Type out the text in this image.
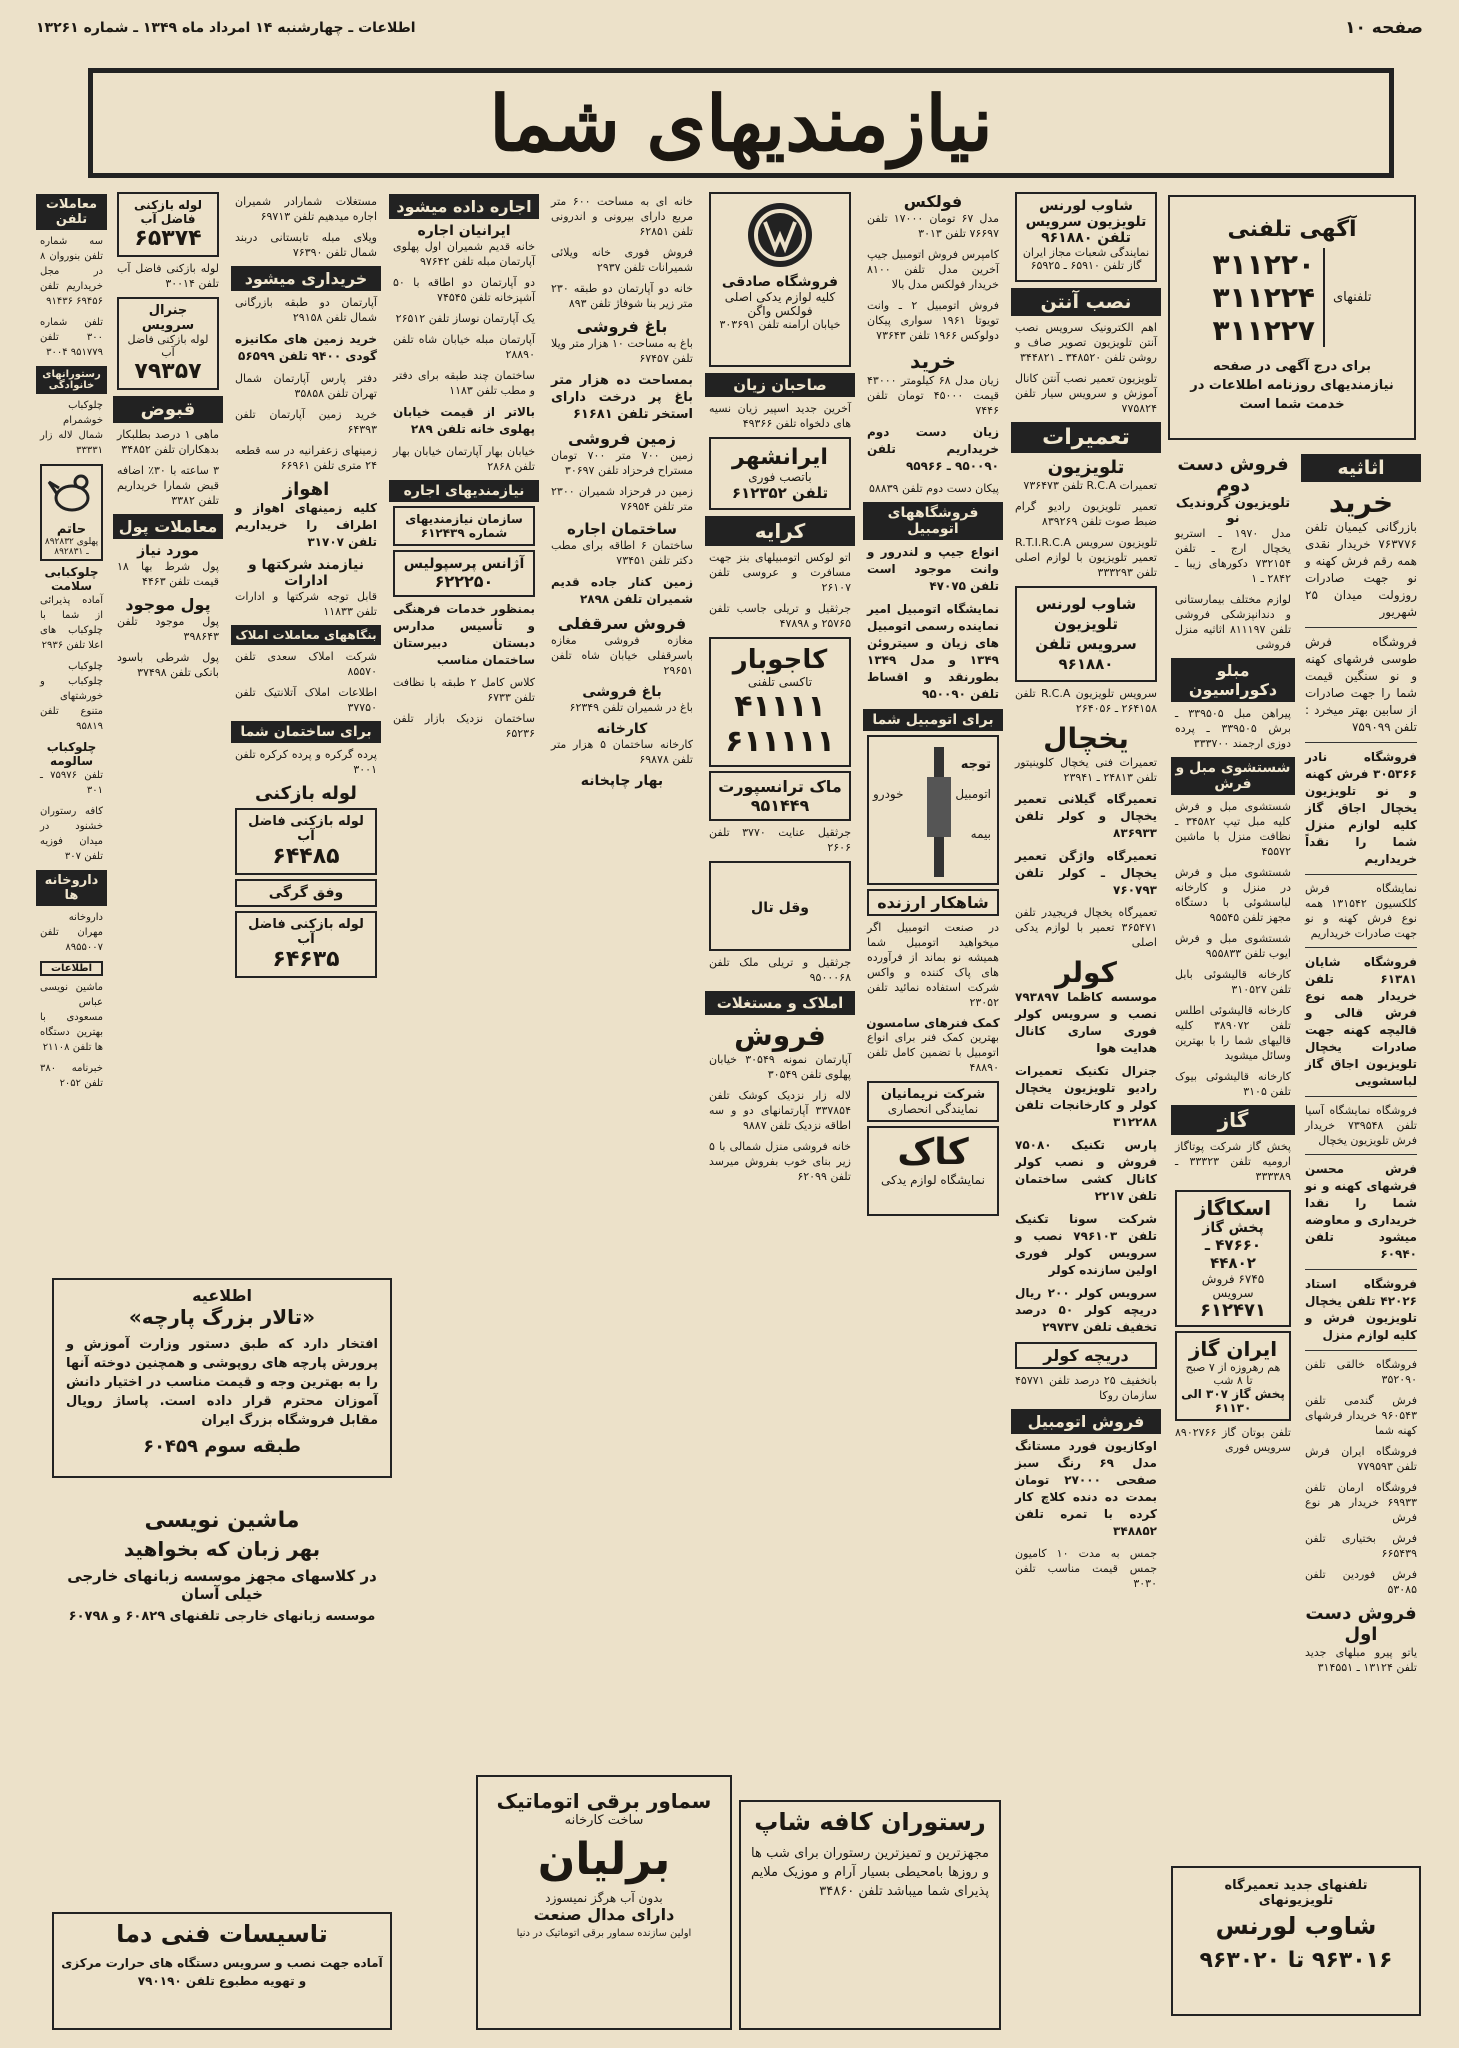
صفحه ۱۰
اطلاعات ـ چهارشنبه ۱۴ امرداد ماه ۱۳۴۹ ـ شماره ۱۳۲۶۱
نیازمندیهای شما
آگهی تلفنی
تلفنهای
۳۱۱۲۲۰
۳۱۱۲۲۴
۳۱۱۲۲۷
برای درج آگهی در صفحه نیازمندیهای روزنامه اطلاعات در خدمت شما است
اثاثیه
خرید
بازرگانی کیمیان تلفن ۷۶۳۷۷۶ خریدار نقدی همه رقم فرش کهنه و نو جهت صادرات روزولت میدان ۲۵ شهریور
فروشگاه فرش طوسی فرشهای کهنه و نو سنگین قیمت شما را جهت صادرات از سابین بهتر میخرد : تلفن ۷۵۹۰۹۹
فروشگاه نادر ۳۰۵۳۶۶ فرش کهنه و نو تلویزیون یخچال اجاق گاز کلیه لوازم منزل شما را نقداً خریداریم
نمایشگاه فرش کلکسیون ۱۳۱۵۴۲ همه نوع فرش کهنه و نو جهت صادرات خریداریم
فروشگاه شایان ۶۱۳۸۱ تلفن خریدار همه نوع فرش قالی و قالیچه کهنه جهت صادرات یخچال تلویزیون اجاق گاز لباسشویی
فروشگاه نمایشگاه آسیا تلفن ۷۳۹۵۴۸ خریدار فرش تلویزیون یخچال
فرش محسن فرشهای کهنه و نو شما را نقدا خریداری و معاوضه میشود تلفن ۶۰۹۴۰
فروشگاه استاد ۴۲۰۲۶ تلفن یخچال تلویزیون فرش و کلیه لوازم منزل
فروشگاه خالقی تلفن ۳۵۲۰۹۰
فرش گندمی تلفن ۹۶۰۵۴۳ خریدار فرشهای کهنه شما
فروشگاه ایران فرش تلفن ۷۷۹۵۹۳
فروشگاه ارمان تلفن ۶۹۹۳۳ خریدار هر نوع فرش
فرش بختیاری تلفن ۶۶۵۴۳۹
فرش فوردین تلفن ۵۳۰۸۵
فروش دست اول
یاتو پیرو مبلهای جدید تلفن ۱۳۱۲۴ ـ ۳۱۴۵۵۱
فروش دست دوم
تلویزیون گروندیک نو
مدل ۱۹۷۰ ـ استریو یخچال ارج ـ تلفن ۷۳۲۱۵۴ دکورهای زیبا ـ ۲۸۴۲ ـ ۱
لوازم مختلف بیمارستانی و دندانپزشکی فروشی تلفن ۸۱۱۱۹۷ اثاثیه منزل فروشی
مبلو دکوراسیون
پیراهن مبل ۳۳۹۵۰۵ ـ برش ۳۳۹۵۰۵ ـ پرده دوزی ارجمند ۳۳۳۷۰۰
شستشوی مبل و فرش
شستشوی مبل و فرش کلیه مبل تیپ ۳۴۵۸۲ ـ نظافت منزل با ماشین ۴۵۵۷۲
شستشوی مبل و فرش در منزل و کارخانه لباسشوئی با دستگاه مجهز تلفن ۹۵۵۴۵
شستشوی مبل و فرش ایوب تلفن ۹۵۵۸۳۳
کارخانه قالیشوئی بابل تلفن ۳۱۰۵۲۷
کارخانه قالیشوئی اطلس تلفن ۳۸۹۰۷۲ کلیه قالیهای شما را با بهترین وسائل میشوید
کارخانه قالیشوئی بیوک تلفن ۳۱۰۵
گاز
پخش گاز شرکت پوتاگاز ارومیه تلفن ۳۳۳۲۳ ـ ۳۳۳۳۸۹
اسکاگاز
پخش گاز
۴۷۶۶۰ ـ ۴۴۸۰۲
۶۷۴۵ فروش سرویس
۶۱۲۴۷۱
ایران گاز
هم رهروزه از ۷ صبح تا ۸ شب
پخش گاز ۳۰۷ الی ۶۱۱۳۰
تلفن بوتان گاز ۸۹۰۲۷۶۶ سرویس فوری
تلفنهای جدید تعمیرگاه
تلویزیونهای
شاوب لورنس
۹۶۳۰۱۶ تا ۹۶۳۰۲۰
شاوب لورنس تلویزیون سرویس تلفن ۹۶۱۸۸۰
نمایندگی شعبات مجاز ایران گاز تلفن ۶۵۹۱۰ ـ ۶۵۹۲۵
نصب آنتن
اهم الکترونیک سرویس نصب آنتن تلویزیون تصویر صاف و روشن تلفن ۳۴۸۵۲۰ ـ ۳۴۴۸۲۱
تلویزیون تعمیر نصب آنتن کانال آموزش و سرویس سیار تلفن ۷۷۵۸۲۴
تعمیرات
تلویزیون
تعمیرات R.C.A تلفن ۷۳۶۴۷۳
تعمیر تلویزیون رادیو گرام ضبط صوت تلفن ۸۳۹۲۶۹
تلویزیون سرویس R.T.I.R.C.A تعمیر تلویزیون با لوازم اصلی تلفن ۳۳۳۲۹۳
شاوب لورنس تلویزیون سرویس تلفن ۹۶۱۸۸۰
سرویس تلویزیون R.C.A تلفن ۲۶۴۱۵۸ ـ ۲۶۴۰۵۶
یخچال
تعمیرات فنی یخچال کلوینیتور تلفن ۲۴۸۱۳ ـ ۲۳۹۴۱
تعمیرگاه گیلانی تعمیر یخچال و کولر تلفن ۸۳۶۹۳۳
تعمیرگاه واژگن تعمیر یخچال ـ کولر تلفن ۷۶۰۷۹۳
تعمیرگاه یخچال فریجیدر تلفن ۳۶۵۴۷۱ تعمیر با لوازم یدکی اصلی
کولر
موسسه کاظما ۷۹۳۸۹۷ نصب و سرویس کولر فوری ساری کانال هدایت هوا
جنرال تکنیک تعمیرات رادیو تلویزیون یخچال کولر و کارخانجات تلفن ۳۱۲۲۸۸
پارس تکنیک ۷۵۰۸۰ فروش و نصب کولر کانال کشی ساختمان تلفن ۲۲۱۷
شرکت سونا تکنیک تلفن ۷۹۶۱۰۳ نصب و سرویس کولر فوری اولین سازنده کولر
سرویس کولر ۲۰۰ ریال دریچه کولر ۵۰ درصد تخفیف تلفن ۲۹۷۳۷
دریچه کولر
بانخفیف ۲۵ درصد تلفن ۴۵۷۷۱ سازمان روکا
فروش اتومبیل
اوکازیون فورد مستانگ مدل ۶۹ رنگ سبز صفحی ۲۷۰۰۰ تومان بمدت ده دنده کلاچ کار کرده با تمره تلفن ۳۴۸۸۵۲
جمس به مدت ۱۰ کامیون جمس قیمت مناسب تلفن ۳۰۳۰
فولکس
مدل ۶۷ تومان ۱۷۰۰۰ تلفن ۷۶۶۹۷ تلفن ۳۰۱۳
کامپرس فروش اتومبیل جیپ آخرین مدل تلفن ۸۱۰۰ خریدار فولکس مدل بالا
فروش اتومبیل ۲ ـ وانت تویوتا ۱۹۶۱ سواری پیکان دولوکس ۱۹۶۶ تلفن ۷۳۶۴۳
خرید
زیان مدل ۶۸ کیلومتر ۴۳۰۰۰ قیمت ۴۵۰۰۰ تومان تلفن ۷۴۴۶
زیان دست دوم خریداریم تلفن ۹۵۰۰۹۰ ـ ۹۵۹۶۶
پیکان دست دوم تلفن ۵۸۸۳۹
فروشگاههای اتومبیل
انواع جیپ و لندرور و وانت موجود است تلفن ۴۷۰۷۵
نمایشگاه اتومبیل امیر نماینده رسمی اتومبیل های زیان و سیتروئن ۱۳۴۹ و مدل ۱۳۴۹ بطورنقد و اقساط تلفن ۹۵۰۰۹۰
برای اتومبیل شما
توجه
اتومبیل
بیمه
خودرو
شاهکار ارزنده
در صنعت اتومبیل اگر میخواهید اتومبیل شما همیشه نو بماند از فرآورده های پاک کننده و واکس شرکت استفاده نمائید تلفن ۲۳۰۵۲
کمک فنرهای سامسون
بهترین کمک فنر برای انواع اتومبیل با تضمین کامل تلفن ۴۸۸۹۰
شرکت نریمانیان
نمایندگی انحصاری
کاک
نمایشگاه لوازم یدکی
رستوران کافه شاپ
مجهزترین و تمیزترین رستوران برای شب ها و روزها بامحیطی بسیار آرام و موزیک ملایم پذیرای شما میباشد تلفن ۳۴۸۶۰
فروشگاه صادقی
کلیه لوازم یدکی اصلی فولکس واگن
خیابان ارامنه تلفن ۳۰۳۶۹۱
صاحبان زیان
آخرین جدید اسپیر زیان نسیه های دلخواه تلفن ۴۹۳۶۶
ایرانشهر
باتصب فوری
تلفن ۶۱۲۳۵۲
کرایه
اتو لوکس اتومبیلهای بنز جهت مسافرت و عروسی تلفن ۲۶۱۰۷
جرثقیل و تریلی جاسب تلفن ۲۵۷۶۵ و ۴۷۸۹۸
کاجوبار
تاکسی تلفنی
۴۱۱۱۱
۶۱۱۱۱۱
ماک ترانسپورت
۹۵۱۴۴۹
جرثقیل عنایت ۳۷۷۰ تلفن ۲۶۰۶
وقل تال
جرثقیل و تریلی ملک تلفن ۹۵۰۰۰۶۸
املاک و مستغلات
فروش
آپارتمان نمونه ۳۰۵۴۹ خیابان پهلوی تلفن ۳۰۵۴۹
لاله زار نزدیک کوشک تلفن ۳۳۷۸۵۴ آپارتمانهای دو و سه اطاقه نزدیک تلفن ۹۸۸۷
خانه فروشی منزل شمالی با ۵ زیر بنای خوب بفروش میرسد تلفن ۶۲۰۹۹
خانه ای به مساحت ۶۰۰ متر مربع دارای بیرونی و اندرونی تلفن ۶۲۸۵۱
فروش فوری خانه ویلائی شمیرانات تلفن ۲۹۳۷
خانه دو آپارتمان دو طبقه ۲۳۰ متر زیر بنا شوفاژ تلفن ۸۹۳
باغ فروشی
باغ به مساحت ۱۰ هزار متر ویلا تلفن ۶۷۴۵۷
بمساحت ده هزار متر باغ پر درخت دارای استخر تلفن ۶۱۶۸۱
زمین فروشی
زمین ۷۰۰ متر ۷۰۰ تومان مستراح فرحزاد تلفن ۳۰۶۹۷
زمین در فرحزاد شمیران ۲۳۰۰ متر تلفن ۷۶۹۵۴
ساختمان اجاره
ساختمان ۶ اطاقه برای مطب دکتر تلفن ۷۳۴۵۱
زمین کنار جاده قدیم شمیران تلفن ۲۸۹۸
فروش سرقفلی
مغازه فروشی مغازه باسرقفلی خیابان شاه تلفن ۲۹۶۵۱
باغ فروشی
باغ در شمیران تلفن ۶۲۳۴۹
کارخانه
کارخانه ساختمان ۵ هزار متر تلفن ۶۹۸۷۸
بهار چاپخانه
سماور برقی اتوماتیک
ساخت کارخانه
برلیان
بدون آب هرگز نمیسوزد
دارای مدال صنعت
اولین سازنده سماور برقی اتوماتیک در دنیا
اجاره داده میشود
ایرانیان اجاره
خانه قدیم شمیران اول پهلوی آپارتمان مبله تلفن ۹۷۶۴۲
دو آپارتمان دو اطاقه با ۵۰ آشپزخانه تلفن ۷۴۵۴۵
یک آپارتمان نوساز تلفن ۲۶۵۱۲
آپارتمان مبله خیابان شاه تلفن ۲۸۸۹۰
ساختمان چند طبقه برای دفتر و مطب تلفن ۱۱۸۳
بالاتر از قیمت خیابان پهلوی خانه تلفن ۲۸۹
خیابان بهار آپارتمان خیابان بهار تلفن ۲۸۶۸
نیازمندیهای اجاره
سازمان نیازمندیهای شماره ۶۱۲۴۳۹
آژانس پرسپولیس
۶۲۲۲۵۰
بمنظور خدمات فرهنگی و تأسیس مدارس دبستان دبیرستان ساختمان مناسب
کلاس کامل ۲ طبقه با نظافت تلفن ۶۷۳۳
ساختمان نزدیک بازار تلفن ۶۵۲۳۶
مستغلات شمارادر شمیران اجاره میدهیم تلفن ۶۹۷۱۳
ویلای مبله تابستانی دربند شمال تلفن ۷۶۳۹۰
خریداری میشود
آپارتمان دو طبقه بازرگانی شمال تلفن ۲۹۱۵۸
خرید زمین های مکانیزه گودی ۹۴۰۰ تلفن ۵۶۵۹۹
دفتر پارس آپارتمان شمال تهران تلفن ۳۵۸۵۸
خرید زمین آپارتمان تلفن ۶۴۳۹۳
زمینهای زعفرانیه در سه قطعه ۲۴ متری تلفن ۶۶۹۶۱
اهواز
کلیه زمینهای اهواز و اطراف را خریداریم تلفن ۳۱۷۰۷
نیازمند شرکتها و ادارات
قابل توجه شرکتها و ادارات تلفن ۱۱۸۳۳
بنگاههای معاملات املاک
شرکت املاک سعدی تلفن ۸۵۵۷۰
اطلاعات املاک آتلانتیک تلفن ۳۷۷۵۰
برای ساختمان شما
پرده گرکره و پرده کرکره تلفن ۳۰۰۱
لوله بازکنی
لوله بازکنی فاضل آب
۶۴۴۸۵
وفق گرگی
لوله بازکنی فاضل آب
۶۴۶۳۵
لوله بازکنی فاضل آب
۶۵۳۷۴
لوله بازکنی فاضل آب تلفن ۳۰۰۱۴
جنرال سرویس
لوله بازکنی فاضل آب
۷۹۳۵۷
قبوض
ماهی ۱ درصد بطلبکار بدهکاران تلفن ۳۴۸۵۲
۳ ساعته با ۳۰٪ اضافه قبض شمارا خریداریم تلفن ۳۳۸۲
معاملات پول
مورد نیاز
پول شرط بها ۱۸ قیمت تلفن ۴۴۶۳
پول موجود
پول موجود تلفن ۳۹۸۶۴۳
پول شرطی باسود بانکی تلفن ۳۷۴۹۸
معاملات تلفن
سه شماره تلفن بنوروان ۸ در مجل خریداریم تلفن ۶۹۴۵۶ ۹۱۴۳۶
تلفن شماره ۳۰۰ تلفن ۹۵۱۷۷۹ ۳۰۰۴
رستورانهای خانوادگی
چلوکباب خوشمرام شمال لاله زار ۳۳۳۳۱
حاتم
پهلوی ۸۹۲۸۳۲ ـ ۸۹۲۸۳۱
چلوکبابی سلامت
آماده پذیرائی از شما با چلوکباب های اعلا تلفن ۲۹۳۶
چلوکباب چلوکباب و خورشتهای متنوع تلفن ۹۵۸۱۹
چلوکباب سالومه
تلفن ۷۵۹۷۶ ـ ۳۰۱
کافه رستوران خشنود در میدان فوزیه تلفن ۳۰۷
داروخانه ها
داروخانه مهران تلفن ۸۹۵۵۰۰۷
اطلاعات
ماشین نویسی عباس مسعودی با بهترین دستگاه ها تلفن ۲۱۱۰۸
خبرنامه ۳۸۰ تلفن ۲۰۵۲
اطلاعیه
«تالار بزرگ پارچه»
افتخار دارد که طبق دستور وزارت آموزش و پرورش پارچه های روپوشی و همچنین دوخته آنها را به بهترین وجه و قیمت مناسب در اختیار دانش آموزان محترم قرار داده است. پاساژ رویال مقابل فروشگاه بزرگ ایران
طبقه سوم ۶۰۴۵۹
ماشین نویسی
بهر زبان که بخواهید
در کلاسهای مجهز موسسه زبانهای خارجی خیلی آسان
موسسه زبانهای خارجی تلفنهای ۶۰۸۲۹ و ۶۰۷۹۸
تاسیسات فنی دما
آماده جهت نصب و سرویس دستگاه های حرارت مرکزی و تهویه مطبوع تلفن ۷۹۰۱۹۰
